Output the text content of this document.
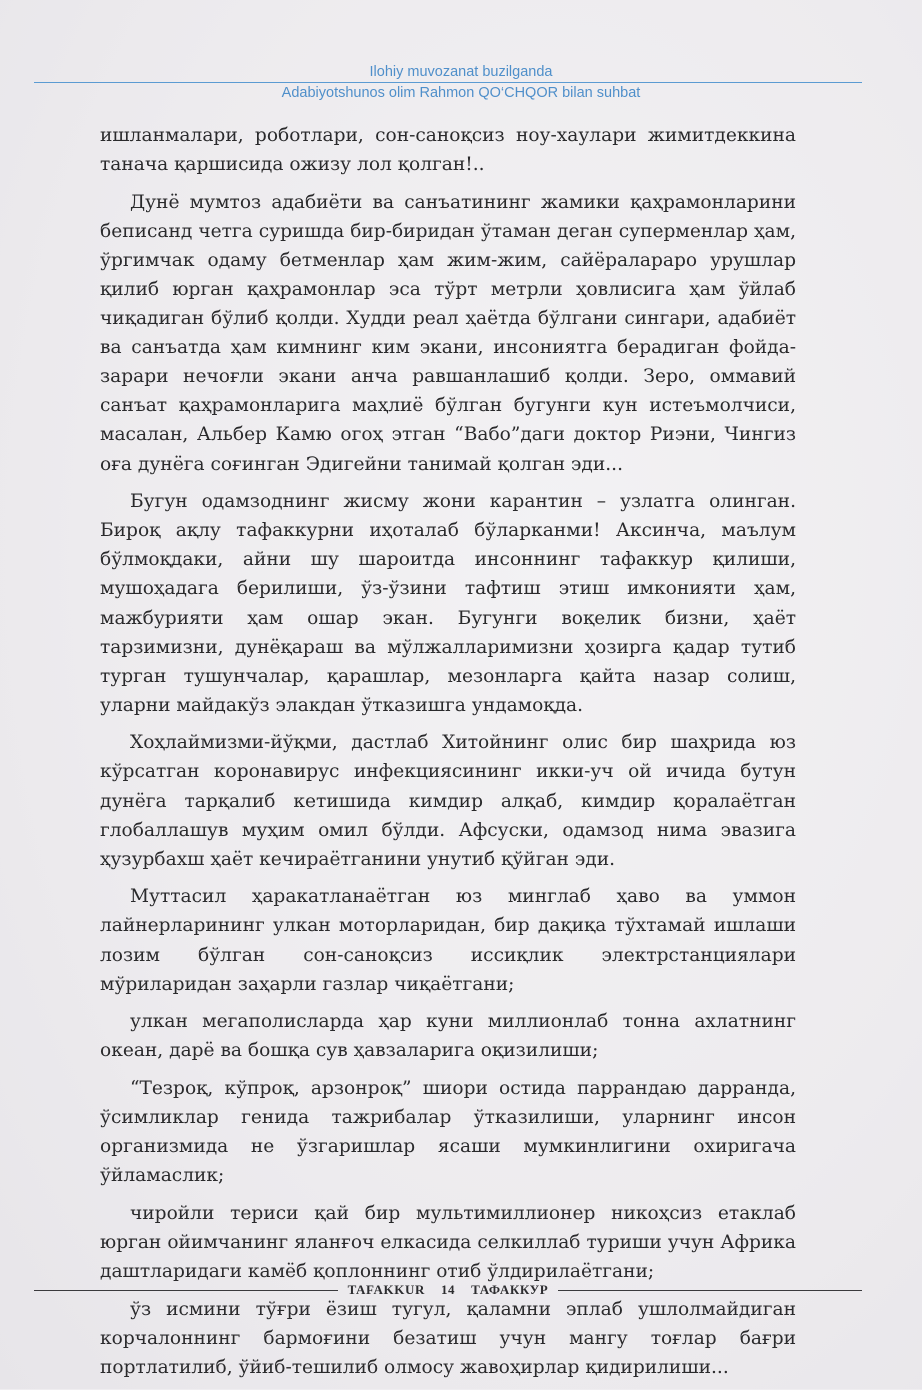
Ilohiy muvozanat buzilganda
Adabiyotshunos olim Rahmon QO‘CHQOR bilan suhbat

ишланмалари, роботлари, сон-саноқсиз ноу-хаулари жимитдеккина танача қаршисида ожизу лол қолган!..

Дунё мумтоз адабиёти ва санъатининг жамики қаҳрамонларини беписанд четга суришда бир-биридан ўтаман деган суперменлар ҳам, ўргимчак одаму бетменлар ҳам жим-жим, сайёралараро урушлар қилиб юрган қаҳрамонлар эса тўрт метрли ҳовлисига ҳам ўйлаб чиқадиган бўлиб қолди. Худди реал ҳаётда бўлгани сингари, адабиёт ва санъатда ҳам кимнинг ким экани, инсониятга берадиган фойда-зарари нечоғли экани анча равшанлашиб қолди. Зеро, оммавий санъат қаҳрамонларига маҳлиё бўлган бугунги кун истеъмолчиси, масалан, Альбер Камю огоҳ этган “Вабо”даги доктор Риэни, Чингиз оға дунёга соғинган Эдигейни танимай қолган эди...

Бугун одамзоднинг жисму жони карантин – узлатга олинган. Бироқ ақлу тафаккурни иҳоталаб бўларканми! Аксинча, маълум бўлмоқдаки, айни шу шароитда инсоннинг тафаккур қилиши, мушоҳадага берилиши, ўз-ўзини тафтиш этиш имконияти ҳам, мажбурияти ҳам ошар экан. Бугунги воқелик бизни, ҳаёт тарзимизни, дунёқараш ва мўлжалларимизни ҳозирга қадар тутиб турган тушунчалар, қарашлар, мезонларга қайта назар солиш, уларни майдакўз элакдан ўтказишга ундамоқда.

Хоҳлаймизми-йўқми, дастлаб Хитойнинг олис бир шаҳрида юз кўрсатган коронавирус инфекциясининг икки-уч ой ичида бутун дунёга тарқалиб кетишида кимдир алқаб, кимдир қоралаётган глобаллашув муҳим омил бўлди. Афсуски, одамзод нима эвазига ҳузурбахш ҳаёт кечираётганини унутиб қўйган эди.

Муттасил ҳаракатланаётган юз минглаб ҳаво ва уммон лайнерларининг улкан моторларидан, бир дақиқа тўхтамай ишлаши лозим бўлган сон-саноқсиз иссиқлик электрстанциялари мўриларидан заҳарли газлар чиқаётгани;

улкан мегаполисларда ҳар куни миллионлаб тонна ахлатнинг океан, дарё ва бошқа сув ҳавзаларига оқизилиши;

“Тезроқ, кўпроқ, арзонроқ” шиори остида паррандаю дарранда, ўсимликлар генида тажрибалар ўтказилиши, уларнинг инсон организмида не ўзгаришлар ясаши мумкинлигини охиригача ўйламаслик;

чиройли териси қай бир мультимиллионер никоҳсиз етаклаб юрган ойимчанинг яланғоч елкасида селкиллаб туриши учун Африка даштларидаги камёб қоплоннинг отиб ўлдирилаётгани;

ўз исмини тўғри ёзиш тугул, қаламни эплаб ушлолмайдиган корчалоннинг бармоғини безатиш учун мангу тоғлар бағри портлатилиб, ўйиб-тешилиб олмосу жавоҳирлар қидирилиши...

TAFAKKUR	14	ТАФАККУР
